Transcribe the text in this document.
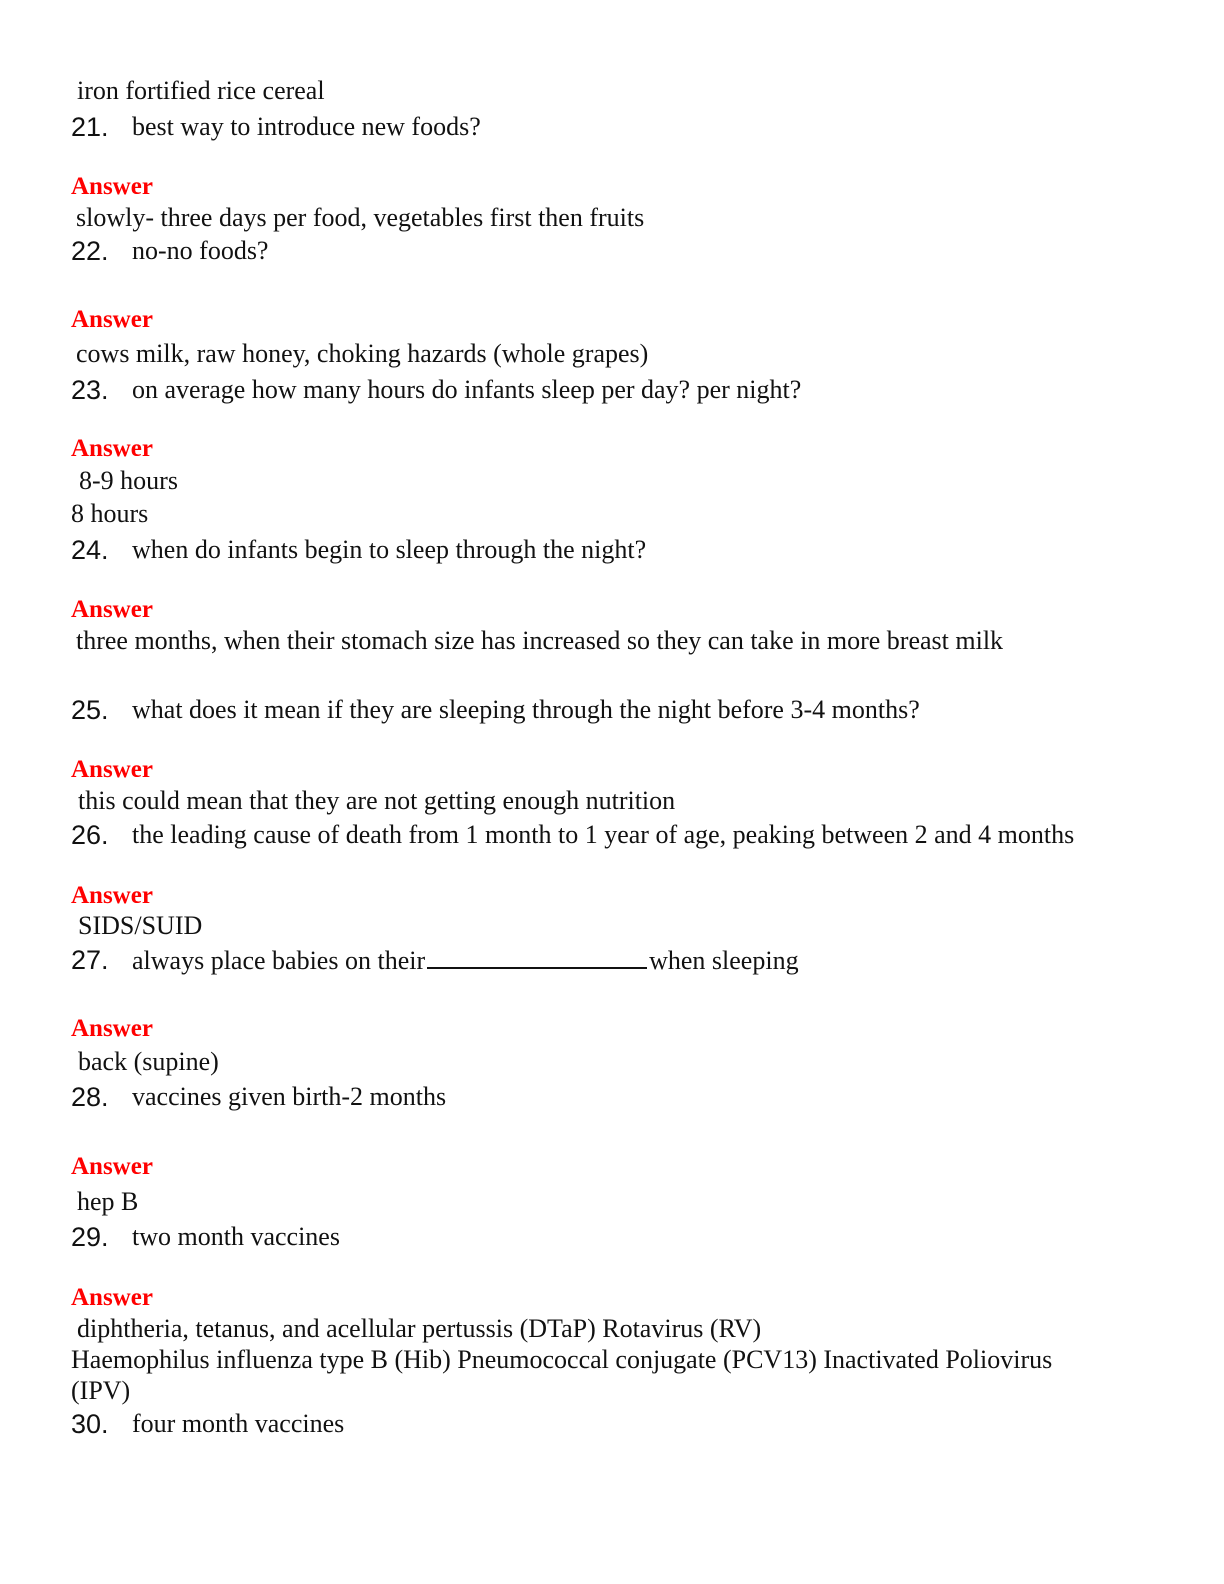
iron fortified rice cereal
21. best way to introduce new foods?
Answer
slowly- three days per food, vegetables first then fruits
22. no-no foods?
Answer
cows milk, raw honey, choking hazards (whole grapes)
23. on average how many hours do infants sleep per day? per night?
Answer
8-9 hours
8 hours
24. when do infants begin to sleep through the night?
Answer
three months, when their stomach size has increased so they can take in more breast milk
25. what does it mean if they are sleeping through the night before 3-4 months?
Answer
this could mean that they are not getting enough nutrition
26. the leading cause of death from 1 month to 1 year of age, peaking between 2 and 4 months
Answer
SIDS/SUID
27. always place babies on their	when sleeping
Answer
back (supine)
28. vaccines given birth-2 months
Answer
hep B
29. two month vaccines
Answer
diphtheria, tetanus, and acellular pertussis (DTaP) Rotavirus (RV)
Haemophilus influenza type B (Hib) Pneumococcal conjugate (PCV13) Inactivated Poliovirus
(IPV)
30. four month vaccines
